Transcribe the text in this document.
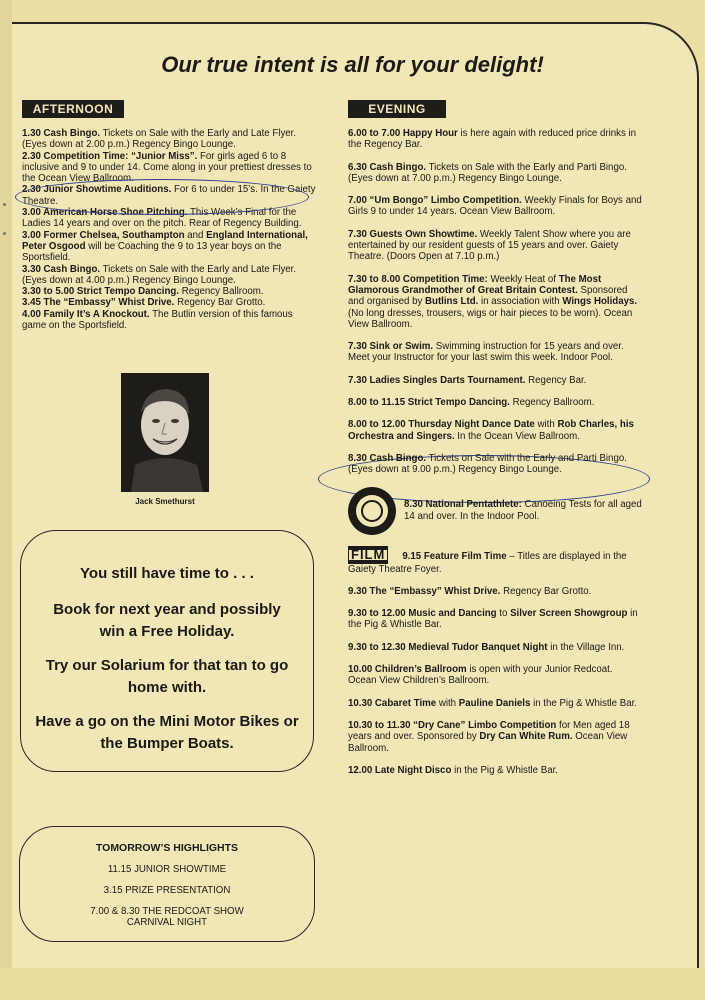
Our true intent is all for your delight!
AFTERNOON	EVENING

1.30 Cash Bingo. Tickets on Sale with the Early and Late Flyer. (Eyes down at 2.00 p.m.) Regency Bingo Lounge.

2.30 Competition Time: “Junior Miss”. For girls aged 6 to 8 inclusive and 9 to under 14. Come along in your prettiest dresses to the Ocean View Ballroom.

2.30 Junior Showtime Auditions. For 6 to under 15’s. In the Gaiety Theatre.

3.00 American Horse Shoe Pitching. This Week’s Final for the Ladies 14 years and over on the pitch. Rear of Regency Building.

3.00 Former Chelsea, Southampton and England International, Peter Osgood will be Coaching the 9 to 13 year boys on the Sportsfield.

3.30 Cash Bingo. Tickets on Sale with the Early and Late Flyer. (Eyes down at 4.00 p.m.) Regency Bingo Lounge.

3.30 to 5.00 Strict Tempo Dancing. Regency Ballroom.

3.45 The “Embassy” Whist Drive. Regency Bar Grotto.

4.00 Family It’s A Knockout. The Butlin version of this famous game on the Sportsfield.

Jack Smethurst

You still have time to . . .

Book for next year and possibly win a Free Holiday.

Try our Solarium for that tan to go home with.

Have a go on the Mini Motor Bikes or the Bumper Boats.

TOMORROW’S HIGHLIGHTS
11.15 JUNIOR SHOWTIME
3.15 PRIZE PRESENTATION
7.00 & 8.30 THE REDCOAT SHOW
CARNIVAL NIGHT

6.00 to 7.00 Happy Hour is here again with reduced price drinks in the Regency Bar.

6.30 Cash Bingo. Tickets on Sale with the Early and Parti Bingo. (Eyes down at 7.00 p.m.) Regency Bingo Lounge.

7.00 “Um Bongo” Limbo Competition. Weekly Finals for Boys and Girls 9 to under 14 years. Ocean View Ballroom.

7.30 Guests Own Showtime. Weekly Talent Show where you are entertained by our resident guests of 15 years and over. Gaiety Theatre. (Doors Open at 7.10 p.m.)

7.30 to 8.00 Competition Time: Weekly Heat of The Most Glamorous Grandmother of Great Britain Contest. Sponsored and organised by Butlins Ltd. in association with Wings Holidays. (No long dresses, trousers, wigs or hair pieces to be worn). Ocean View Ballroom.

7.30 Sink or Swim. Swimming instruction for 15 years and over. Meet your Instructor for your last swim this week. Indoor Pool.

7.30 Ladies Singles Darts Tournament. Regency Bar.

8.00 to 11.15 Strict Tempo Dancing. Regency Ballroom.

8.00 to 12.00 Thursday Night Dance Date with Rob Charles, his Orchestra and Singers. In the Ocean View Ballroom.

8.30 Cash Bingo. Tickets on Sale with the Early and Parti Bingo. (Eyes down at 9.00 p.m.) Regency Bingo Lounge.

8.30 National Pentathlete: Canoeing Tests for all aged 14 and over. In the Indoor Pool.

FILM 9.15 Feature Film Time – Titles are displayed in the Gaiety Theatre Foyer.

9.30 The “Embassy” Whist Drive. Regency Bar Grotto.

9.30 to 12.00 Music and Dancing to Silver Screen Showgroup in the Pig & Whistle Bar.

9.30 to 12.30 Medieval Tudor Banquet Night in the Village Inn.

10.00 Children’s Ballroom is open with your Junior Redcoat. Ocean View Children’s Ballroom.

10.30 Cabaret Time with Pauline Daniels in the Pig & Whistle Bar.

10.30 to 11.30 “Dry Cane” Limbo Competition for Men aged 18 years and over. Sponsored by Dry Can White Rum. Ocean View Ballroom.

12.00 Late Night Disco in the Pig & Whistle Bar.
